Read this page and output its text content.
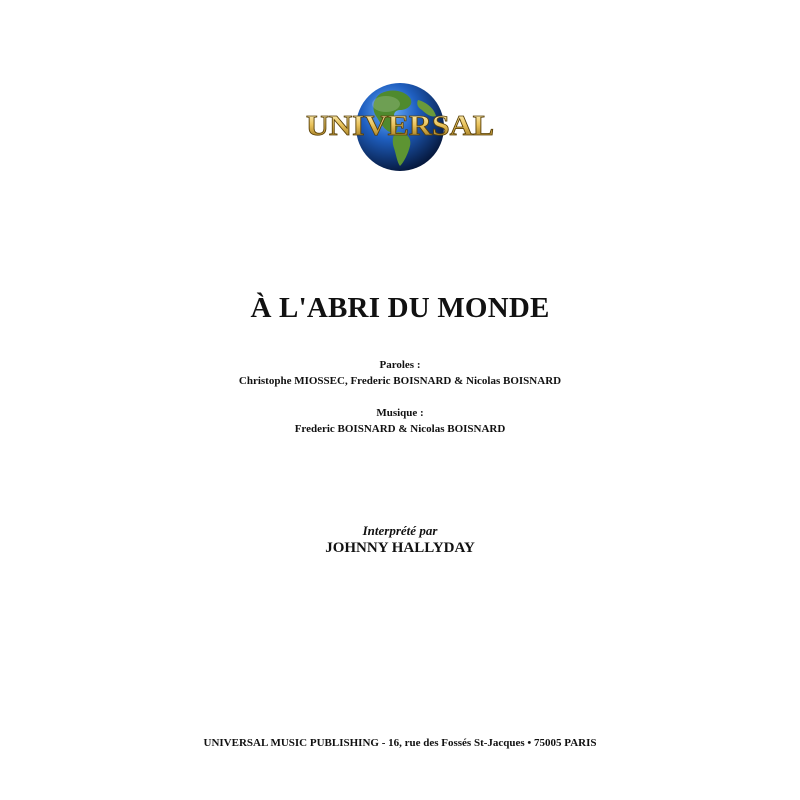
UNIVERSAL
À L'ABRI DU MONDE
Paroles :
Christophe MIOSSEC, Frederic BOISNARD & Nicolas BOISNARD
Musique :
Frederic BOISNARD & Nicolas BOISNARD
Interprété par
JOHNNY HALLYDAY
UNIVERSAL MUSIC PUBLISHING - 16, rue des Fossés St-Jacques • 75005 PARIS
